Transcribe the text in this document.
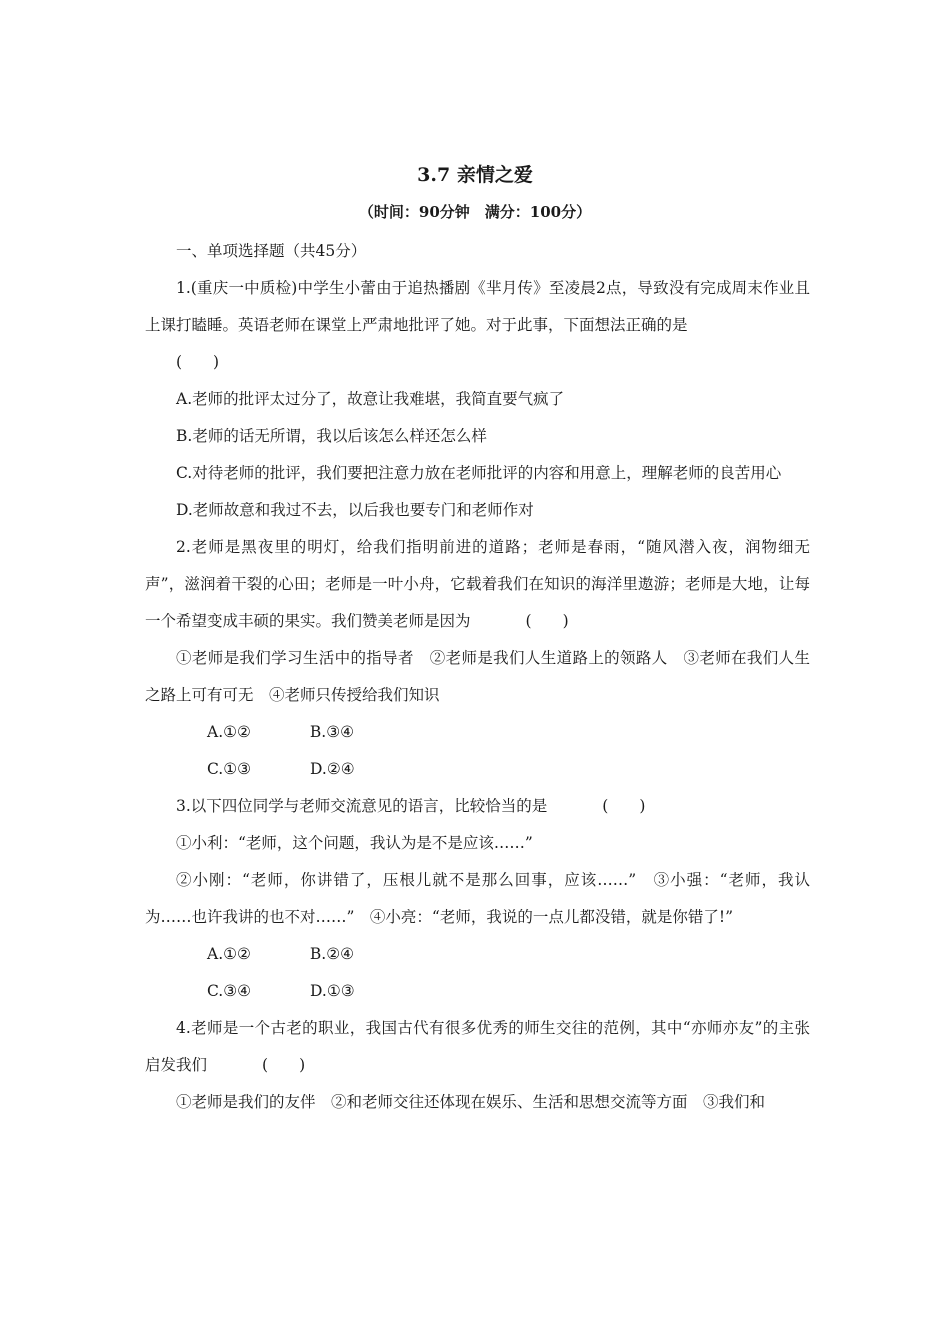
3.7 亲情之爱
（时间：90分钟　满分：100分）

一、单项选择题（共45分）

1.(重庆一中质检)中学生小蕾由于追热播剧《芈月传》至凌晨2点，导致没有完成周末作业且上课打瞌睡。英语老师在课堂上严肃地批评了她。对于此事，下面想法正确的是

(　　)

A.老师的批评太过分了，故意让我难堪，我简直要气疯了

B.老师的话无所谓，我以后该怎么样还怎么样

C.对待老师的批评，我们要把注意力放在老师批评的内容和用意上，理解老师的良苦用心

D.老师故意和我过不去，以后我也要专门和老师作对

2.老师是黑夜里的明灯，给我们指明前进的道路；老师是春雨，“随风潜入夜，润物细无声”，滋润着干裂的心田；老师是一叶小舟，它载着我们在知识的海洋里遨游；老师是大地，让每一个希望变成丰硕的果实。我们赞美老师是因为	(　　)

①老师是我们学习生活中的指导者　②老师是我们人生道路上的领路人　③老师在我们人生之路上可有可无　④老师只传授给我们知识

A.①②	B.③④

C.①③	D.②④

3.以下四位同学与老师交流意见的语言，比较恰当的是	(　　)

①小利：“老师，这个问题，我认为是不是应该……”

②小刚：“老师，你讲错了，压根儿就不是那么回事，应该……”　③小强：“老师，我认为……也许我讲的也不对……”　④小亮：“老师，我说的一点儿都没错，就是你错了!”

A.①②	B.②④

C.③④	D.①③

4.老师是一个古老的职业，我国古代有很多优秀的师生交往的范例，其中“亦师亦友”的主张启发我们	(　　)

①老师是我们的友伴　②和老师交往还体现在娱乐、生活和思想交流等方面　③我们和
